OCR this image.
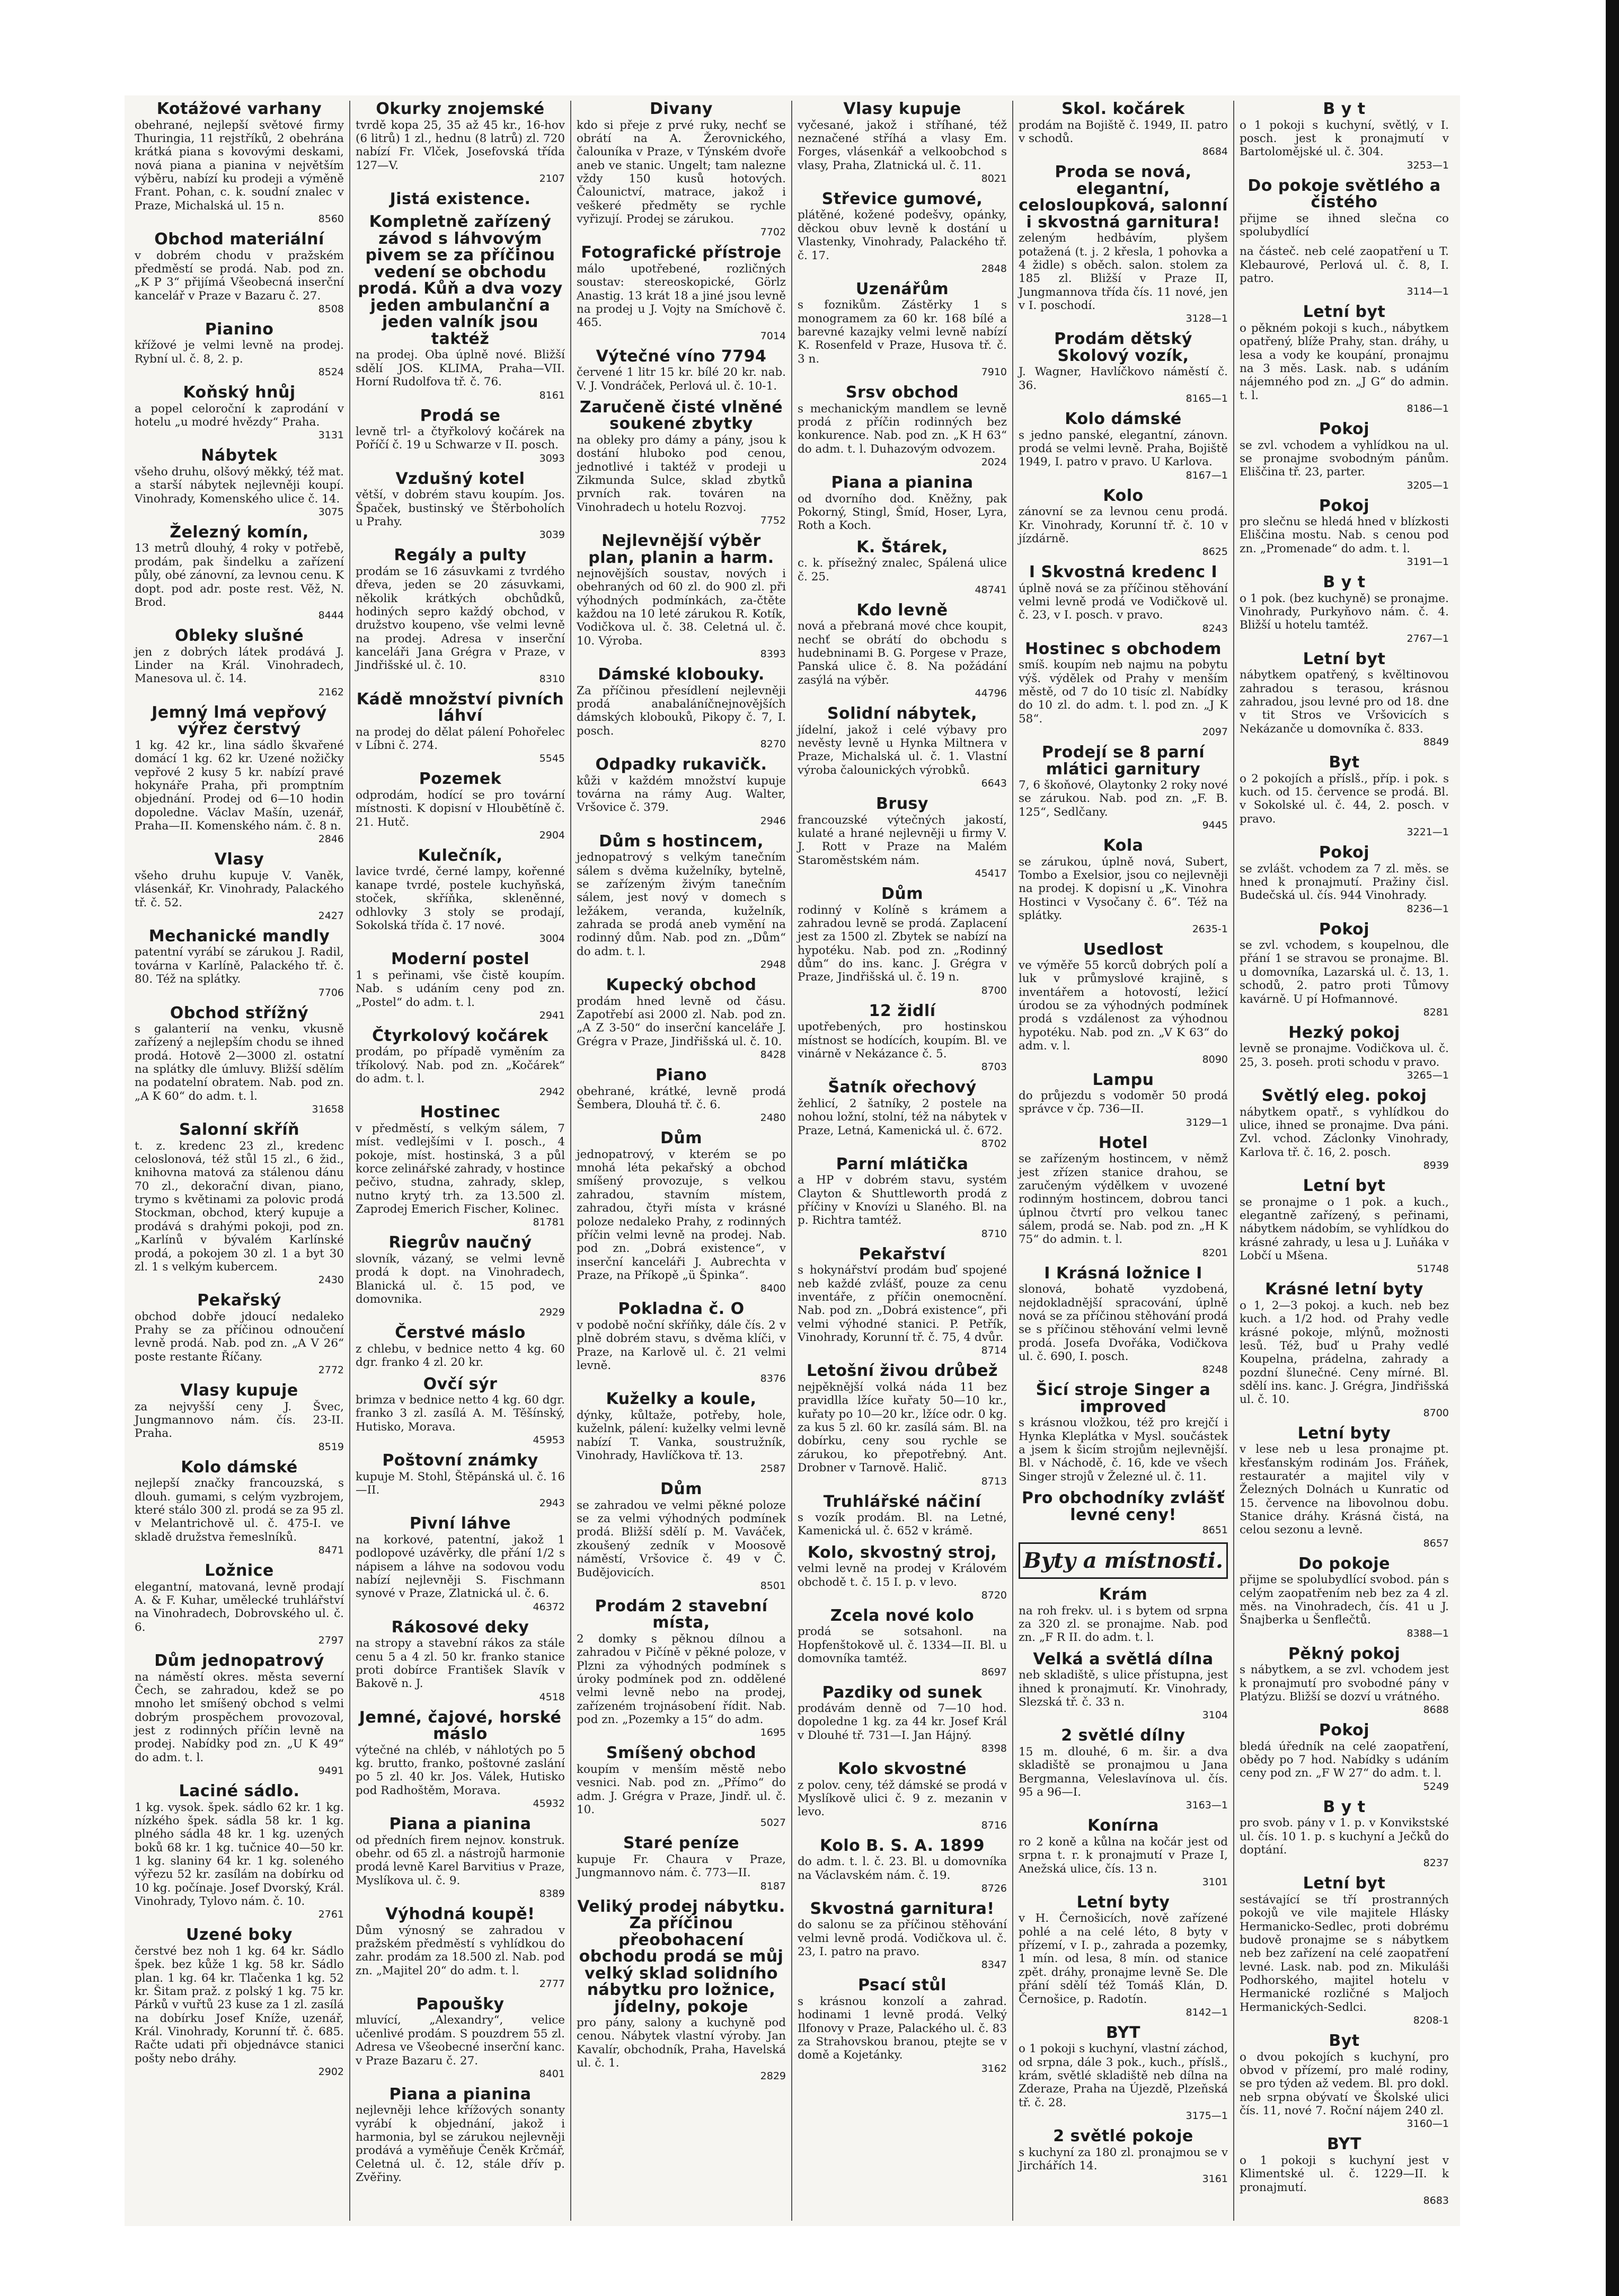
Kotážové varhany

obehrané, nejlepší světové firmy Thuringia, 11 rejstříků, 2 obehrána krátká piana s kovovými deskami, nová piana a pianina v největším výběru, nabízí ku prodeji a výměně Frant. Pohan, c. k. soudní znalec v Praze, Michalská ul. 15 n.

8560
Obchod materiální

v dobrém chodu v pražském předměstí se prodá. Nab. pod zn. „K P 3“ přijímá Všeobecná inserční kancelář v Praze v Bazaru č. 27.

8508
Pianino

křížové je velmi levně na prodej. Rybní ul. č. 8, 2. p.

8524
Koňský hnůj

a popel celoroční k zaprodání v hotelu „u modré hvězdy“ Praha.

3131
Nábytek

všeho druhu, olšový měkký, též mat. a starší nábytek nejlevněji koupí. Vinohrady, Komenského ulice č. 14.

3075
Železný komín,

13 metrů dlouhý, 4 roky v potřebě, prodám, pak šindelku a zařízení půly, obé zánovní, za levnou cenu. K dopt. pod adr. poste rest. Věž, N. Brod.

8444
Obleky slušné

jen z dobrých látek prodává J. Linder na Král. Vinohradech, Manesova ul. č. 14.

2162
Jemný lmá vepřový výřez čerstvý

1 kg. 42 kr., lina sádlo škvařené domácí 1 kg. 62 kr. Uzené nožičky vepřové 2 kusy 5 kr. nabízí pravé hokynáře Praha, při promptním objednání. Prodej od 6—10 hodin dopoledne. Václav Mašín, uzenář, Praha—II. Komenského nám. č. 8 n.

2846
Vlasy

všeho druhu kupuje V. Vaněk, vlásenkář, Kr. Vinohrady, Palackého tř. č. 52.

2427
Mechanické mandly

patentní vyrábí se zárukou J. Radil, továrna v Karlíně, Palackého tř. č. 80. Též na splátky.

7706
Obchod střížný

s galanterií na venku, vkusně zařízený a nejlepším chodu se ihned prodá. Hotově 2—3000 zl. ostatní na splátky dle úmluvy. Bližší sdělím na podatelní obratem. Nab. pod zn. „A K 60“ do adm. t. l.

31658
Salonní skříň

t. z. kredenc 23 zl., kredenc celoslonová, též stůl 15 zl., 6 žid., knihovna matová za stálenou dánu 70 zl., dekorační divan, piano, trymo s květinami za polovic prodá Stockman, obchod, který kupuje a prodává s drahými pokoji, pod zn. „Karlínů v bývalém Karlínské prodá, a pokojem 30 zl. 1 a byt 30 zl. 1 s velkým kubercem.

2430
Pekařský

obchod dobře jdoucí nedaleko Prahy se za příčinou odnoučení levně prodá. Nab. pod zn. „A V 26“ poste restante Říčany.

2772
Vlasy kupuje

za nejvyšší ceny J. Švec, Jungmannovo nám. čís. 23-II. Praha.

8519
Kolo dámské

nejlepší značky francouzská, s dlouh. gumami, s celým vyzbrojem, které stálo 300 zl. prodá se za 95 zl. v Melantrichově ul. č. 475-I. ve skladě družstva řemeslníků.

8471
Ložnice

elegantní, matovaná, levně prodají A. & F. Kuhar, umělecké truhlářství na Vinohradech, Dobrovského ul. č. 6.

2797
Dům jednopatrový

na náměstí okres. města severní Čech, se zahradou, kdež se po mnoho let smíšený obchod s velmi dobrým prospěchem provozoval, jest z rodinných příčin levně na prodej. Nabídky pod zn. „U K 49“ do adm. t. l.

9491
Laciné sádlo.

1 kg. vysok. špek. sádlo 62 kr. 1 kg. nízkého špek. sádla 58 kr. 1 kg. plného sádla 48 kr. 1 kg. uzených boků 68 kr. 1 kg. tučnice 40—50 kr. 1 kg. slaniny 64 kr. 1 kg. soleného výřezu 52 kr. zasílám na dobírku od 10 kg. počínaje. Josef Dvorský, Král. Vinohrady, Tylovo nám. č. 10.

2761
Uzené boky

čerstvé bez noh 1 kg. 64 kr. Sádlo špek. bez kůže 1 kg. 58 kr. Sádlo plan. 1 kg. 64 kr. Tlačenka 1 kg. 52 kr. Šitam praž. z polský 1 kg. 75 kr. Párků v vuřtů 23 kuse za 1 zl. zasílá na dobírku Josef Kníže, uzenář, Král. Vinohrady, Korunní tř. č. 685. Račte udati při objednávce stanici pošty nebo dráhy.

2902
Okurky znojemské

tvrdě kopa 25, 35 až 45 kr., 16-hov (6 litrů) 1 zl., hednu (8 latrů) zl. 720 nabízí Fr. Vlček, Josefovská třída 127—V.

2107
Jistá existence.
Kompletně zařízený závod s láhvovým pivem se za příčinou vedení se obchodu prodá. Kůň a dva vozy jeden ambulanční a jeden valník jsou taktéž

na prodej. Oba úplně nové. Bližší sdělí JOS. KLIMA, Praha—VII. Horní Rudolfova tř. č. 76.

8161
Prodá se

levně trl- a čtyřkolový kočárek na Poříčí č. 19 u Schwarze v II. posch.

3093
Vzdušný kotel

větší, v dobrém stavu koupím. Jos. Špaček, bustinský ve Štěrboholích u Prahy.

3039
Regály a pulty

prodám se 16 zásuvkami z tvrdého dřeva, jeden se 20 zásuvkami, několik krátkých obchůdků, hodiných sepro každý obchod, v družstvo koupeno, vše velmi levně na prodej. Adresa v inserční kanceláři Jana Grégra v Praze, v Jindřišské ul. č. 10.

8310
Kádě množství pivních láhví

na prodej do dělat pálení Pohořelec v Líbni č. 274.

5545
Pozemek

odprodám, hodící se pro tovární místnosti. K dopisní v Hloubětíně č. 21. Hutč.

2904
Kulečník,

lavice tvrdé, černé lampy, kořenné kanape tvrdé, postele kuchyňská, stoček, skříňka, skleněnné, odhlovky 3 stoly se prodají, Sokolská třída č. 17 nové.

3004
Moderní postel

1 s peřinami, vše čistě koupím. Nab. s udáním ceny pod zn. „Postel“ do adm. t. l.

2941
Čtyrkolový kočárek

prodám, po případě vyměním za tříkolový. Nab. pod zn. „Kočárek“ do adm. t. l.

2942
Hostinec

v předměstí, s velkým sálem, 7 míst. vedlejšími v I. posch., 4 pokoje, míst. hostinská, 3 a půl korce zelinářské zahrady, v hostince pečivo, studna, zahrady, sklep, nutno krytý trh. za 13.500 zl. Zaprodej Emerich Fischer, Kolinec.

81781
Riegrův naučný

slovník, vázaný, se velmi levně prodá k dopt. na Vinohradech, Blanická ul. č. 15 pod, ve domovnika.

2929
Čerstvé máslo

z chlebu, v bednice netto 4 kg. 60 dgr. franko 4 zl. 20 kr.

Ovčí sýr

brimza v bednice netto 4 kg. 60 dgr. franko 3 zl. zasílá A. M. Těšínský, Hutisko, Morava.

45953
Poštovní známky

kupuje M. Stohl, Štěpánská ul. č. 16—II.

2943
Pivní láhve

na korkové, patentní, jakož 1 podlopové uzávěrky, dle přání 1/2 s nápisem a láhve na sodovou vodu nabízí nejlevněji S. Fischmann synové v Praze, Zlatnická ul. č. 6.

46372
Rákosové deky

na stropy a stavební rákos za stále cenu 5 a 4 zl. 50 kr. franko stanice proti dobírce František Slavík v Bakově n. J.

4518
Jemné, čajové, horské máslo

výtečné na chléb, v náhlotých po 5 kg. brutto, franko, poštovné zaslání po 5 zl. 40 kr. Jos. Válek, Hutisko pod Radhoštěm, Morava.

45932
Piana a pianina

od předních firem nejnov. konstruk. obehr. od 65 zl. a nástrojů harmonie prodá levně Karel Barvitius v Praze, Myslíkova ul. č. 9.

8389
Výhodná koupě!

Dům výnosný se zahradou v pražském předměstí s vyhlídkou do zahr. prodám za 18.500 zl. Nab. pod zn. „Majitel 20“ do adm. t. l.

2777
Papoušky

mluvící, „Alexandry“, velice učenlivé prodám. S pouzdrem 55 zl. Adresa ve Všeobecné inserční kanc. v Praze Bazaru č. 27.

8401
Piana a pianina

nejlevněji lehce křížových sonanty vyrábí k objednání, jakož i harmonia, byl se zárukou nejlevněji prodává a vyměňuje Čeněk Krčmář, Celetná ul. č. 12, stále dřív p. Zvěřiny.

Divany

kdo si přeje z prvé ruky, nechť se obrátí na A. Žerovnického, čalouníka v Praze, v Týnském dvoře aneb ve stanic. Ungelt; tam nalezne vždy 150 kusů hotových. Čalounictví, matrace, jakož i veškeré předměty se rychle vyřizují. Prodej se zárukou.

7702
Fotografické přístroje

málo upotřebené, rozličných soustav: stereoskopické, Görlz Anastig. 13 krát 18 a jiné jsou levně na prodej u J. Vojty na Smíchově č. 465.

7014
Výtečné víno 7794

červené 1 litr 15 kr. bílé 20 kr. nab. V. J. Vondráček, Perlová ul. č. 10-1.

Zaručeně čisté vlněné soukené zbytky

na obleky pro dámy a pány, jsou k dostání hluboko pod cenou, jednotlivé i taktéž v prodeji u Zikmunda Sulce, sklad zbytků prvních rak. továren na Vinohradech u hotelu Rozvoj.

7752
Nejlevnější výběr plan, planin a harm.

nejnovějších soustav, nových i obehraných od 60 zl. do 900 zl. při výhodných podmínkách, za-čtěte každou na 10 leté zárukou R. Kotík, Vodičkova ul. č. 38. Celetná ul. č. 10. Výroba.

8393
Dámské klobouky.

Za příčinou přesídlení nejlevněji prodá anabaláníčnejnovějších dámských klobouků, Pikopy č. 7, I. posch.

8270
Odpadky rukavičk.

kůži v každém množství kupuje továrna na rámy Aug. Walter, Vršovice č. 379.

2946
Dům s hostincem,

jednopatrový s velkým tanečním sálem s dvěma kuželníky, bytelně, se zařízeným živým tanečním sálem, jest nový v domech s ležákem, veranda, kuželník, zahrada se prodá aneb vymění na rodinný dům. Nab. pod zn. „Dům“ do adm. t. l.

2948
Kupecký obchod

prodám hned levně od čásu. Zapotřebí asi 2000 zl. Nab. pod zn. „A Z 3-50“ do inserční kanceláře J. Grégra v Praze, Jindřišská ul. č. 10.

8428
Piano

obehrané, krátké, levně prodá Šembera, Dlouhá tř. č. 6.

2480
Dům

jednopatrový, v kterém se po mnohá léta pekařský a obchod smíšený provozuje, s velkou zahradou, stavním místem, zahradou, čtyři místa v krásné poloze nedaleko Prahy, z rodinných příčin velmi levně na prodej. Nab. pod zn. „Dobrá existence“, v inserční kanceláři J. Aubrechta v Praze, na Příkopě „ü Špinka“.

8400
Pokladna č. O

v podobě noční skříňky, dále čís. 2 v plně dobrém stavu, s dvěma klíči, v Praze, na Karlově ul. č. 21 velmi levně.

8376
Kuželky a koule,

dýnky, kůltaže, potřeby, hole, kuželnk, pálení: kuželky velmi levně nabízí T. Vanka, soustružník, Vinohrady, Havlíčkova tř. 13.

2587
Dům

se zahradou ve velmi pěkné poloze se za velmi výhodných podmínek prodá. Bližší sdělí p. M. Vaváček, zkoušený zedník v Moosově náměstí, Vršovice č. 49 v Č. Budějovicích.

8501
Prodám 2 stavební místa,

2 domky s pěknou dílnou a zahradou v Pičíně v pěkné poloze, v Plzni za výhodných podmínek s úroky podmínek pod zn. oddělené velmi levně nebo na prodej, zařízeném trojnásobení řídit. Nab. pod zn. „Pozemky a 15“ do adm.

1695
Smíšený obchod

koupím v menším městě nebo vesnici. Nab. pod zn. „Přímo“ do adm. J. Grégra v Praze, Jindř. ul. č. 10.

5027
Staré peníze

kupuje Fr. Chaura v Praze, Jungmannovo nám. č. 773—II.

8187
Veliký prodej nábytku. Za příčinou přeobohacení obchodu prodá se můj velký sklad solidního nábytku pro ložnice, jídelny, pokoje

pro pány, salony a kuchyně pod cenou. Nábytek vlastní výroby. Jan Kavalír, obchodník, Praha, Havelská ul. č. 1.

2829
Vlasy kupuje

vyčesané, jakož i stříhané, též neznačené stříhá a vlasy Em. Forges, vlásenkář a velkoobchod s vlasy, Praha, Zlatnická ul. č. 11.

8021
Střevice gumové,

plátěné, kožené podešvy, opánky, děckou obuv levně k dostání u Vlastenky, Vinohrady, Palackého tř. č. 17.

2848
Uzenářům

s foznikům. Zástěrky 1 s monogramem za 60 kr. 168 bílé a barevné kazajky velmi levně nabízí K. Rosenfeld v Praze, Husova tř. č. 3 n.

7910
Srsv obchod

s mechanickým mandlem se levně prodá z příčin rodinných bez konkurence. Nab. pod zn. „K H 63“ do adm. t. l. Duhazovým odvozem.

2024
Piana a pianina

od dvorního dod. Kněžny, pak Pokorný, Stingl, Šmíd, Hoser, Lyra, Roth a Koch.

K. Štárek,

c. k. přísežný znalec, Spálená ulice č. 25.

48741
Kdo levně

nová a přebraná mové chce koupit, nechť se obrátí do obchodu s hudebninami B. G. Porgese v Praze, Panská ulice č. 8. Na požádání zasýlá na výběr.

44796
Solidní nábytek,

jídelní, jakož i celé výbavy pro nevěsty levně u Hynka Miltnera v Praze, Michalská ul. č. 1. Vlastní výroba čalounických výrobků.

6643
Brusy

francouzské výtečných jakostí, kulaté a hrané nejlevněji u firmy V. J. Rott v Praze na Malém Staroměstském nám.

45417
Dům

rodinný v Kolíně s krámem a zahradou levně se prodá. Zaplacení jest za 1500 zl. Zbytek se nabízí na hypotéku. Nab. pod zn. „Rodinný dům“ do ins. kanc. J. Grégra v Praze, Jindřišská ul. č. 19 n.

8700
12 židlí

upotřebených, pro hostinskou místnost se hodících, koupím. Bl. ve vinárně v Nekázance č. 5.

8703
Šatník ořechový

žehlicí, 2 šatníky, 2 postele na nohou ložní, stolní, též na nábytek v Praze, Letná, Kamenická ul. č. 672.

8702
Parní mlátička

a HP v dobrém stavu, systém Clayton & Shuttleworth prodá z příčiny v Knovízi u Slaného. Bl. na p. Richtra tamtéž.

8710
Pekařství

s hokynářství prodám buď spojené neb každé zvlášť, pouze za cenu inventáře, z příčin onemocnění. Nab. pod zn. „Dobrá existence“, při velmi výhodné stanici. P. Petřík, Vinohrady, Korunní tř. č. 75, 4 dvůr.

8714
Letošní živou drůbež

nejpěknější volká náda 11 bez pravidlla lžíce kuřaty 50—10 kr., kuřaty po 10—20 kr., lžíce odr. 0 kg. za kus 5 zl. 60 kr. zasílá sám. Bl. na dobírku, ceny sou rychle se zárukou, ko přepotřebný. Ant. Drobner v Tarnově. Halič.

8713
Truhlářské náčiní

s vozík prodám. Bl. na Letné, Kamenická ul. č. 652 v krámě.

Kolo, skvostný stroj,

velmi levně na prodej v Královém obchodě t. č. 15 I. p. v levo.

8720
Zcela nové kolo

prodá se sotsahonl. na Hopfenštokově ul. č. 1334—II. Bl. u domovníka tamtéž.

8697
Pazdiky od sunek

prodávám denně od 7—10 hod. dopoledne 1 kg. za 44 kr. Josef Král v Dlouhé tř. 731—I. Jan Hájný.

8398
Kolo skvostné

z polov. ceny, též dámské se prodá v Myslíkově ulici č. 9 z. mezanin v levo.

8716
Kolo B. S. A. 1899

do adm. t. l. č. 23. Bl. u domovníka na Václavském nám. č. 19.

8726
Skvostná garnitura!

do salonu se za příčinou stěhování velmi levně prodá. Vodičkova ul. č. 23, I. patro na pravo.

8347
Psací stůl

s krásnou konzolí a zahrad. hodinami 1 levně prodá. Velký Ilfonovy v Praze, Palackého ul. č. 83 za Strahovskou branou, ptejte se v domě a Kojetánky.

3162
Skol. kočárek

prodám na Bojiště č. 1949, II. patro v schodů.

8684
Proda se nová, elegantní, celosloupková, salonní i skvostná garnitura!

zeleným hedbávím, plyšem potažená (t. j. 2 křesla, 1 pohovka a 4 židle) s oběch. salon. stolem za 185 zl. Bližší v Praze II, Jungmannova třída čís. 11 nové, jen v I. poschodí.

3128—1
Prodám dětský Skolový vozík,

J. Wagner, Havlíčkovo náměstí č. 36.

8165—1
Kolo dámské

s jedno panské, elegantní, zánovn. prodá se velmi levně. Praha, Bojiště 1949, I. patro v pravo. U Karlova.

8167—1
Kolo

zánovní se za levnou cenu prodá. Kr. Vinohrady, Korunní tř. č. 10 v jízdárně.

8625
I Skvostná kredenc I

úplně nová se za příčinou stěhování velmi levně prodá ve Vodičkově ul. č. 23, v I. posch. v pravo.

8243
Hostinec s obchodem

smíš. koupím neb najmu na pobytu výš. výdělek od Prahy v menším městě, od 7 do 10 tisíc zl. Nabídky do 10 zl. do adm. t. l. pod zn. „J K 58“.

2097
Prodejí se 8 parní mlátici garnitury

7, 6 škoňové, Olaytonky 2 roky nové se zárukou. Nab. pod zn. „F. B. 125“, Sedlčany.

9445
Kola

se zárukou, úplně nová, Subert, Tombo a Exelsior, jsou co nejlevněji na prodej. K dopisní u „K. Vinohra Hostinci v Vysočany č. 6“. Též na splátky.

2635-1
Usedlost

ve výměře 55 korců dobrých polí a luk v průmyslové krajině, s inventářem a hotovostí, ležicí úrodou se za výhodných podmínek prodá s vzdálenost za výhodnou hypotéku. Nab. pod zn. „V K 63“ do adm. v. l.

8090
Lampu

do průjezdu s vodoměr 50 prodá správce v čp. 736—II.

3129—1
Hotel

se zařízeným hostincem, v němž jest zřízen stanice drahou, se zaručeným výdělkem v uvozené rodinným hostincem, dobrou tanci úplnou čtvrtí pro velkou tanec sálem, prodá se. Nab. pod zn. „H K 75“ do admin. t. l.

8201
I Krásná ložnice I

slonová, bohatě vyzdobená, nejdokladnější spracování, úplně nová se za příčinou stěhování prodá se s příčinou stěhování velmi levně prodá. Josefa Dvořáka, Vodičkova ul. č. 690, I. posch.

8248
Šicí stroje Singer a improved

s krásnou vložkou, též pro krejčí i Hynka Kleplátka v Mysl. součástek a jsem k šicím strojům nejlevnější. Bl. v Náchodě, č. 16, kde ve všech Singer strojů v Železné ul. č. 11.

Pro obchodníky zvlášť levné ceny!
8651
Byty a místnosti.
Krám

na roh frekv. ul. i s bytem od srpna za 320 zl. se pronajme. Nab. pod zn. „F R II. do adm. t. l.

Velká a světlá dílna

neb skladiště, s ulice přístupna, jest ihned k pronajmutí. Kr. Vinohrady, Slezská tř. č. 33 n.

3104
2 světlé dílny

15 m. dlouhé, 6 m. šir. a dva skladiště se pronajmou u Jana Bergmanna, Veleslavínova ul. čís. 95 a 96—I.

3163—1
Konírna

ro 2 koně a kůlna na kočár jest od srpna t. r. k pronajmutí v Praze I, Anežská ulice, čís. 13 n.

3101
Letní byty

v H. Černošicích, nově zařízené pohlé a na celé léto, 8 byty v přízemí, v I. p., zahrada a pozemky, 1 mín. od lesa, 8 mín. od stanice zpět. dráhy, pronajme levně Se. Dle přání sdělí též Tomáš Klán, D. Černošice, p. Radotín.

8142—1
BYT

o 1 pokoji s kuchyní, vlastní záchod, od srpna, dále 3 pok., kuch., příslš., krám, světlé skladiště neb dílna na Zderaze, Praha na Újezdě, Plzeňská tř. č. 28.

3175—1
2 světlé pokoje

s kuchyní za 180 zl. pronajmou se v Jirchářích 14.

3161
B y t

o 1 pokoji s kuchyní, světlý, v I. posch. jest k pronajmutí v Bartolomějské ul. č. 304.

3253—1
Do pokoje světlého a čistého

přijme se ihned slečna co spolubydlící

na částeč. neb celé zaopatření u T. Klebaurové, Perlová ul. č. 8, I. patro.

3114—1
Letní byt

o pěkném pokoji s kuch., nábytkem opatřený, blíže Prahy, stan. dráhy, u lesa a vody ke koupání, pronajmu na 3 měs. Lask. nab. s udáním nájemného pod zn. „J G“ do admin. t. l.

8186—1
Pokoj

se zvl. vchodem a vyhlídkou na ul. se pronajme svobodným pánům. Eliščina tř. 23, parter.

3205—1
Pokoj

pro slečnu se hledá hned v blízkosti Eliščina mostu. Nab. s cenou pod zn. „Promenade“ do adm. t. l.

3191—1
B y t

o 1 pok. (bez kuchyně) se pronajme. Vinohrady, Purkyňovo nám. č. 4. Bližší u hotelu tamtéž.

2767—1
Letní byt

nábytkem opatřený, s kvěltinovou zahradou s terasou, krásnou zahradou, jsou levné pro od 18. dne v tit Stros ve Vršovicích s Nekázanče u domovníka č. 833.

8849
Byt

o 2 pokojích a příslš., příp. i pok. s kuch. od 15. července se prodá. Bl. v Sokolské ul. č. 44, 2. posch. v pravo.

3221—1
Pokoj

se zvlášt. vchodem za 7 zl. měs. se hned k pronajmutí. Pražiny čisl. Budečská ul. čís. 944 Vinohrady.

8236—1
Pokoj

se zvl. vchodem, s koupelnou, dle přání 1 se stravou se pronajme. Bl. u domovníka, Lazarská ul. č. 13, 1. schodů, 2. patro proti Tůmovy kavárně. U pí Hofmannové.

8281
Hezký pokoj

levně se pronajme. Vodičkova ul. č. 25, 3. poseh. proti schodu v pravo.

3265—1
Světlý eleg. pokoj

nábytkem opatř., s vyhlídkou do ulice, ihned se pronajme. Dva páni. Zvl. vchod. Záclonky Vinohrady, Karlova tř. č. 16, 2. posch.

8939
Letní byt

se pronajme o 1 pok. a kuch., elegantně zařízený, s peřinami, nábytkem nádobím, se vyhlídkou do krásné zahrady, u lesa u J. Luňáka v Lobčí u Mšena.

51748
Krásné letní byty

o 1, 2—3 pokoj. a kuch. neb bez kuch. a 1/2 hod. od Prahy vedle krásné pokoje, mlýnů, možnosti lesů. Též, buď u Prahy vedlé Koupelna, prádelna, zahrady a pozdní šlunečné. Ceny mírné. Bl. sdělí ins. kanc. J. Grégra, Jindřišská ul. č. 10.

8700
Letní byty

v lese neb u lesa pronajme pt. křesťanským rodinám Jos. Fráňek, restauratér a majitel vily v Železných Dolnách u Kunratic od 15. července na libovolnou dobu. Stanice dráhy. Krásná čistá, na celou sezonu a levně.

8657
Do pokoje

přijme se spolubydlící svobod. pán s celým zaopatřením neb bez za 4 zl. měs. na Vinohradech, čís. 41 u J. Šnajberka u Šenflečtů.

8388—1
Pěkný pokoj

s nábytkem, a se zvl. vchodem jest k pronajmutí pro svobodné pány v Platýzu. Bližší se dozví u vrátného.

8688
Pokoj

bledá úředník na celé zaopatření, obědy po 7 hod. Nabídky s udáním ceny pod zn. „F W 27“ do adm. t. l.

5249
B y t

pro svob. pány v 1. p. v Konvikstské ul. čís. 10 1. p. s kuchyní a Ječků do doptání.

8237
Letní byt

sestávající se tří prostranných pokojů ve vile majitele Hlásky Hermanicko-Sedlec, proti dobrému budově pronajme se s nábytkem neb bez zařízení na celé zaopatření levné. Lask. nab. pod zn. Mikuláši Podhorského, majitel hotelu v Hermanické rozličné s Maljoch Hermanických-Sedlci.

8208-1
Byt

o dvou pokojích s kuchyní, pro obvod v přízemí, pro malé rodiny, se pro týden až vedem. Bl. pro dokl. neb srpna obývatí ve Školské ulici čís. 11, nové 7. Roční nájem 240 zl.

3160—1
BYT

o 1 pokoji s kuchyní jest v Klimentské ul. č. 1229—II. k pronajmutí.

8683
